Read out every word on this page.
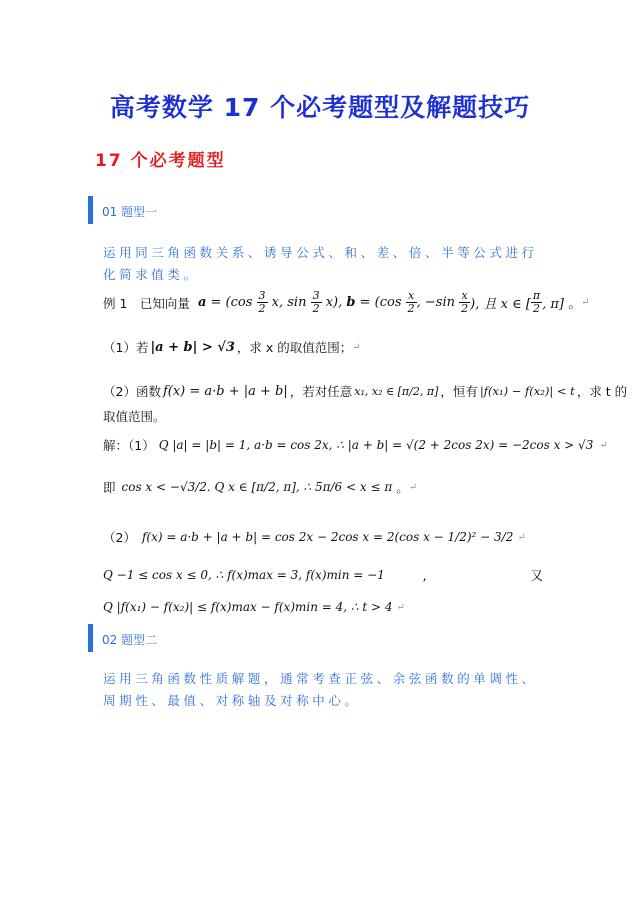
高考数学 17 个必考题型及解题技巧
17 个必考题型
01 题型一
运用同三角函数关系、诱导公式、和、差、倍、半等公式进行化简求值类。
例 1　已知向量 $a = (\cos \frac{3}{2} x$, $\sin \frac{3}{2} x$), $b = (\cos \frac{x}{2}$ , $-\sin \frac{x}{2}$ ), 且 x ∈ [ $\frac{\pi}{2}$ , π] 。 ↵
（1）若 |a + b| > √3 ，求 x 的取值范围； ↵
（2）函数 f(x) = a·b + |a + b| ，若对任意 x₁, x₂ ∈ [π/2, π] ，恒有 |f(x₁) − f(x₂)| < t ，求 t 的
取值范围。
解：（1） Q |a| = |b| = 1, a·b = cos 2x, ∴ |a + b| = √(2 + 2cos 2x) = −2cos x > √3 ↵
即 cos x < −√3/2. Q x ∈ [π/2, π], ∴ 5π/6 < x ≤ π 。 ↵
（2） f(x) = a·b + |a + b| = cos 2x − 2cos x = 2(cos x − 1/2)² − 3/2 ↵
Q −1 ≤ cos x ≤ 0, ∴ f(x)max = 3, f(x)min = −1	,	又
Q |f(x₁) − f(x₂)| ≤ f(x)max − f(x)min = 4, ∴ t > 4 ↵
02 题型二
运用三角函数性质解题，通常考查正弦、余弦函数的单调性、周期性、最值、对称轴及对称中心。
